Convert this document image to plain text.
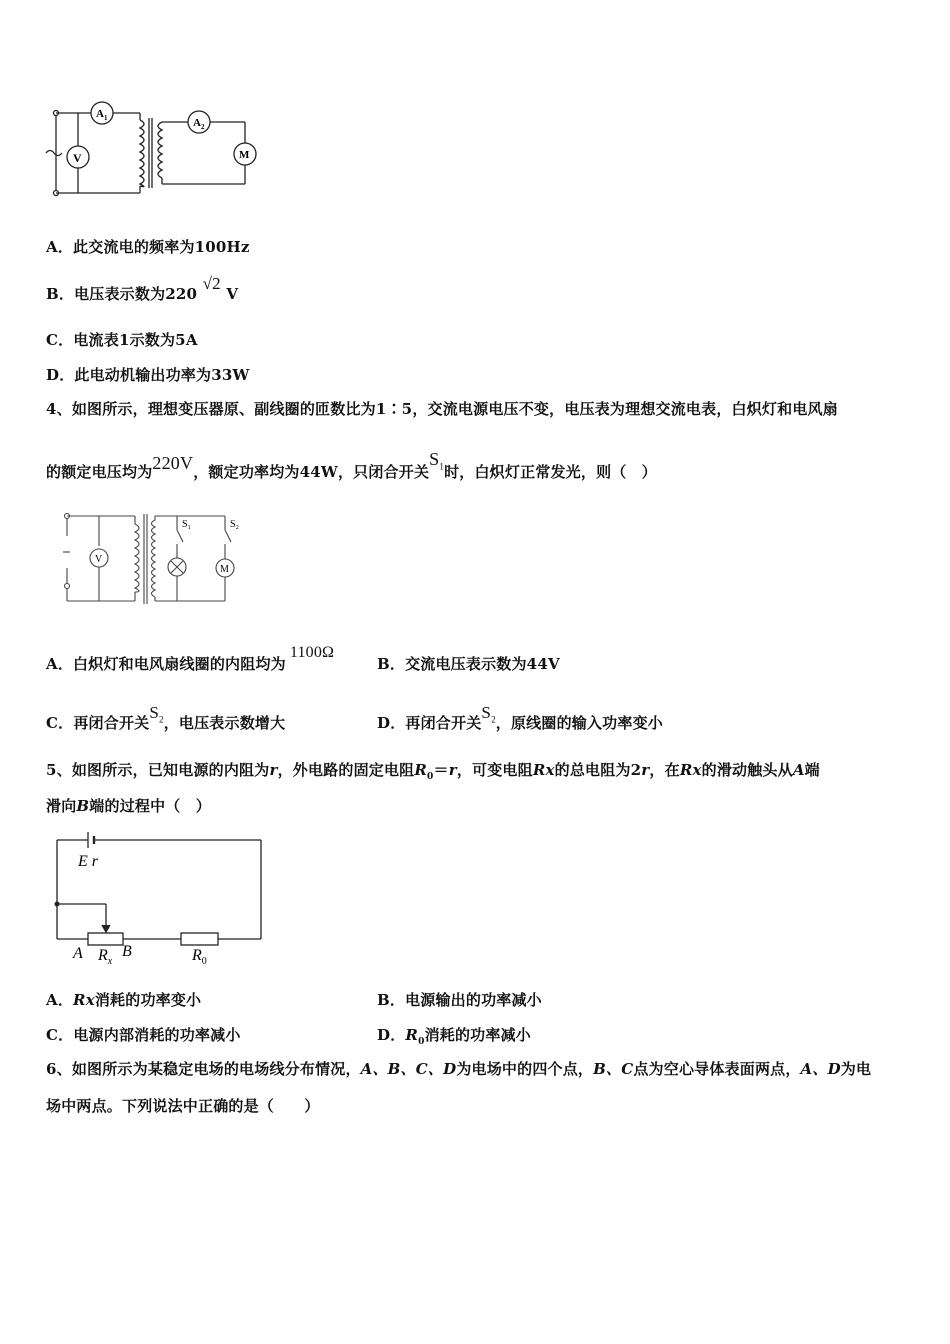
V
$A_1$	$A_2$
M
A．此交流电的频率为100Hz
B．电压表示数为220 √2 V
C．电流表1示数为5A
D．此电动机输出功率为33W
4、如图所示，理想变压器原、副线圈的匝数比为1∶5，交流电源电压不变，电压表为理想交流电表，白炽灯和电风扇
的额定电压均为220V，额定功率均为44W，只闭合开关$S_1$时，白炽灯正常发光，则（　）
V
M
S₁	S₂
A．白炽灯和电风扇线圈的内阻均为1100Ω
B．交流电压表示数为44V
C．再闭合开关$S_2$，电压表示数增大	D．再闭合开关$S_2$，原线圈的输入功率变小
5、如图所示，已知电源的内阻为r，外电路的固定电阻$R_0=r$，可变电阻Rx的总电阻为2r，在Rx的滑动触头从A端
滑向B端的过程中（　）
E r
A B
$R_x$	$R_0$
A．Rx消耗的功率变小	B．电源输出的功率减小
C．电源内部消耗的功率减小	D．$R_0$消耗的功率减小
6、如图所示为某稳定电场的电场线分布情况，A、B、C、D为电场中的四个点，B、C点为空心导体表面两点，A、D为电
场中两点。下列说法中正确的是（　　）
